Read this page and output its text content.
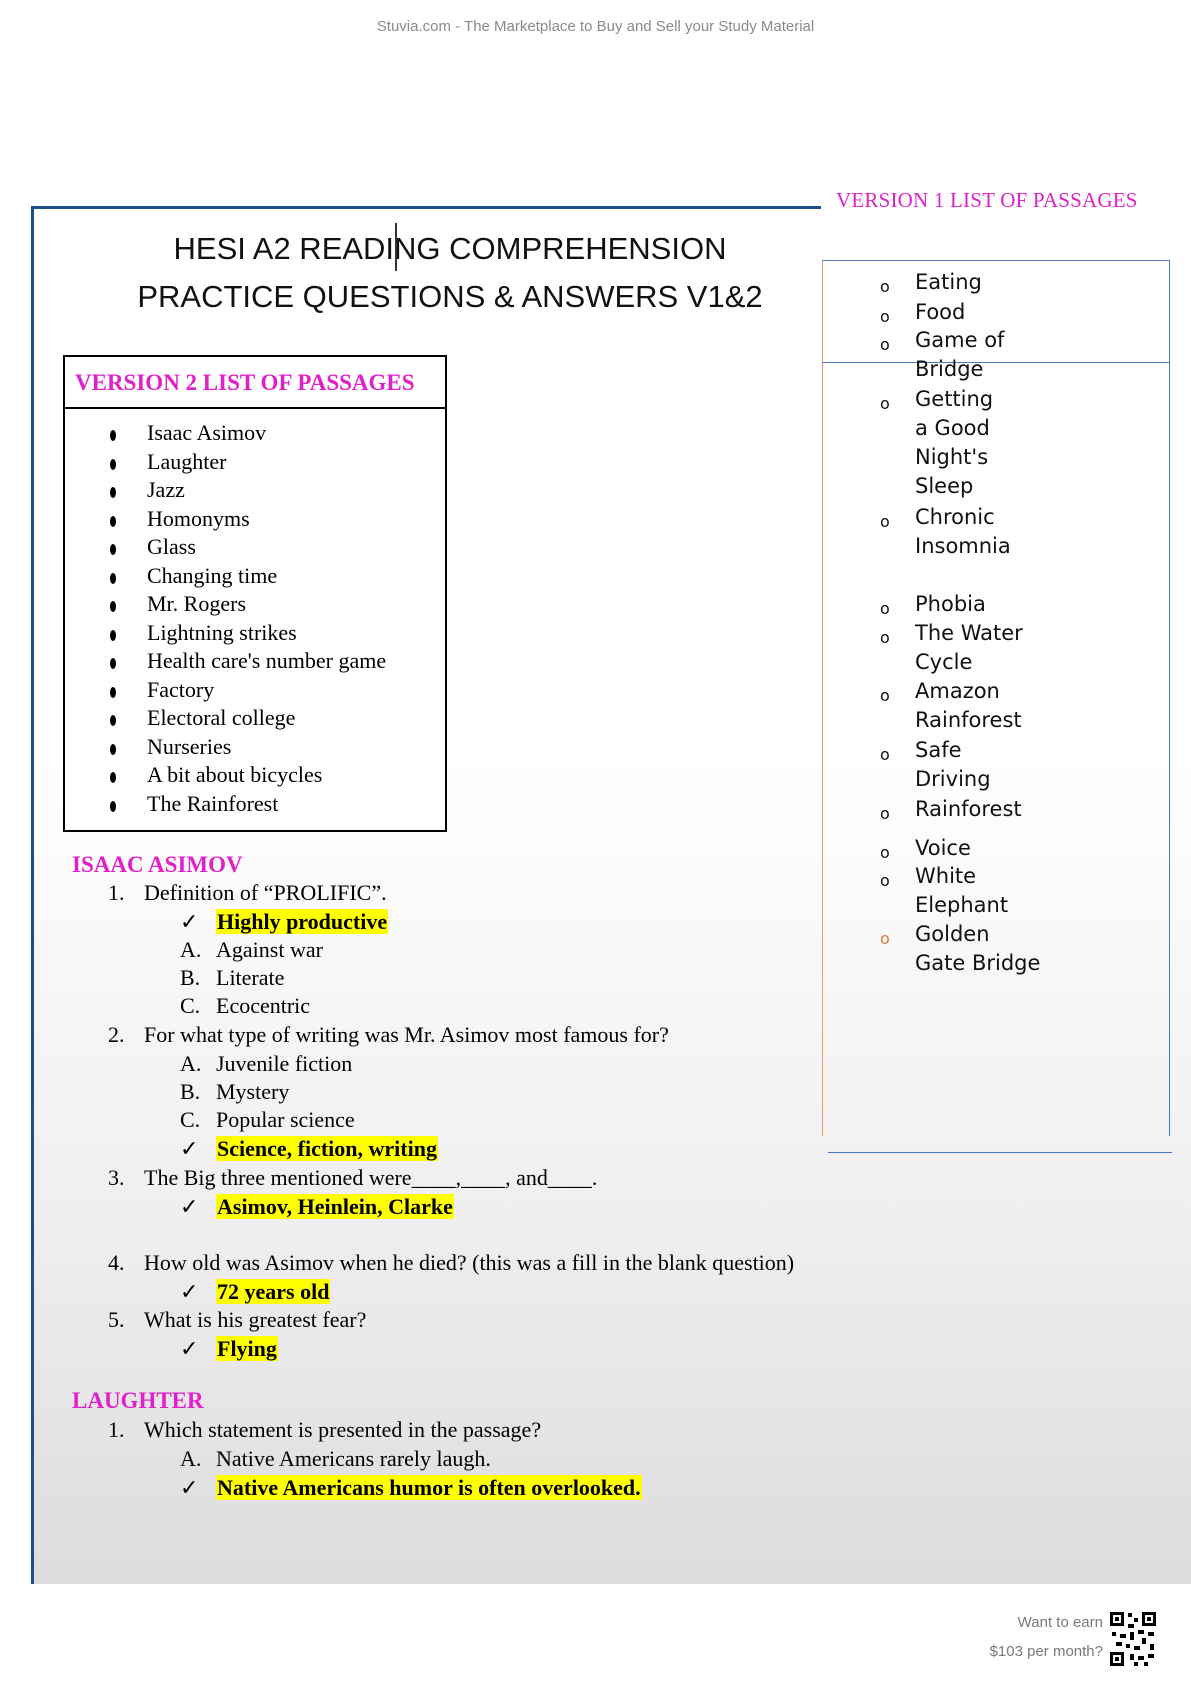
Stuvia.com - The Marketplace to Buy and Sell your Study Material
HESI A2 READING COMPREHENSION
PRACTICE QUESTIONS & ANSWERS V1&2
VERSION 2 LIST OF PASSAGES
Isaac Asimov
Laughter
Jazz
Homonyms
Glass
Changing time
Mr. Rogers
Lightning strikes
Health care's number game
Factory
Electoral college
Nurseries
A bit about bicycles
The Rainforest
VERSION 1 LIST OF PASSAGES
o Eating
o Food
o Game of Bridge
o Getting a Good Night's Sleep
o Chronic Insomnia
o Phobia
o The Water Cycle
o Amazon Rainforest
o Safe Driving
o Rainforest
o Voice
o White Elephant
o Golden Gate Bridge
ISAAC ASIMOV
1. Definition of “PROLIFIC”.
✓ Highly productive
A. Against war
B. Literate
C. Ecocentric
2. For what type of writing was Mr. Asimov most famous for?
A. Juvenile fiction
B. Mystery
C. Popular science
✓ Science, fiction, writing
3. The Big three mentioned were____,____, and____.
✓ Asimov, Heinlein, Clarke
4. How old was Asimov when he died? (this was a fill in the blank question)
✓ 72 years old
5. What is his greatest fear?
✓ Flying
LAUGHTER
1. Which statement is presented in the passage?
A. Native Americans rarely laugh.
✓ Native Americans humor is often overlooked.
Want to earn
$103 per month?
